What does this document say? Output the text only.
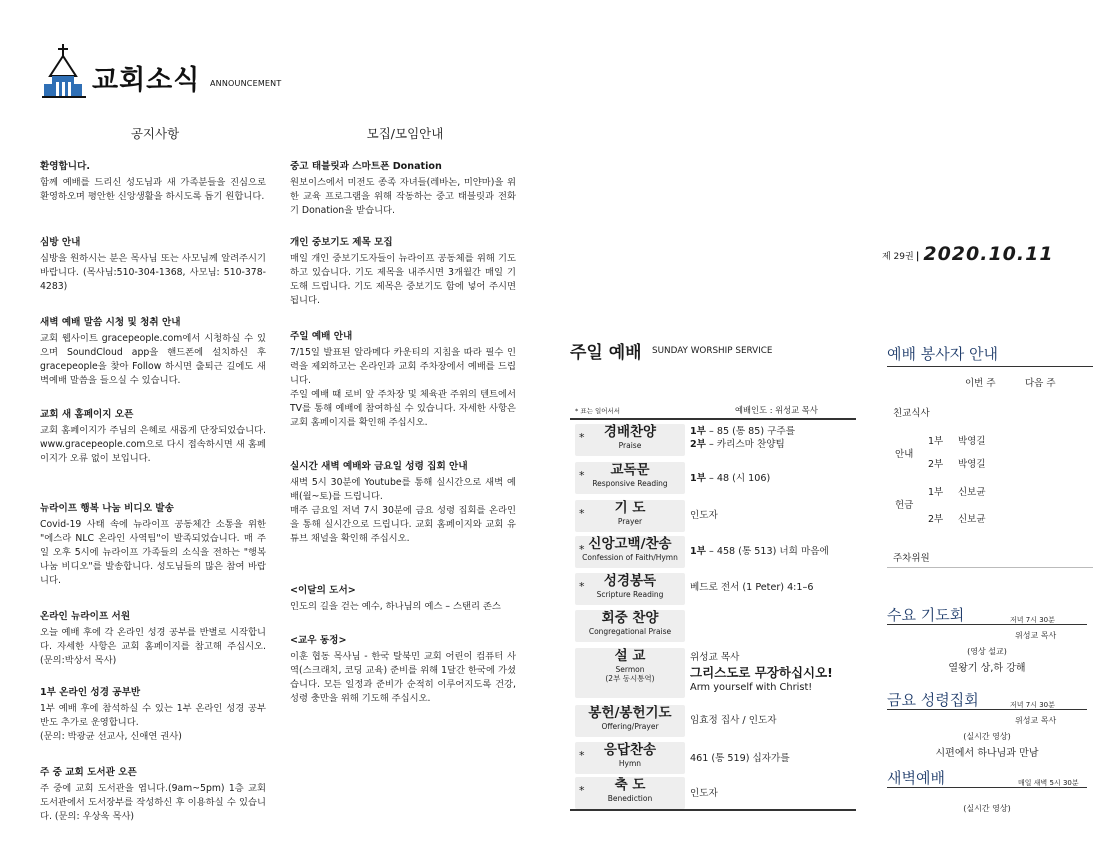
교회소식 ANNOUNCEMENT
공지사항
환영합니다.
함께 예배를 드리신 성도님과 새 가족분들을 진심으로 환영하오며 평안한 신앙생활을 하시도록 돕기 원합니다.
심방 안내
심방을 원하시는 분은 목사님 또는 사모님께 알려주시기 바랍니다. (목사님:510-304-1368, 사모님: 510-378-4283)
새벽 예배 말씀 시청 및 청취 안내
교회 웹사이트 gracepeople.com에서 시청하실 수 있으며 SoundCloud app을 핸드폰에 설치하신 후 gracepeople을 찾아 Follow 하시면 출퇴근 길에도 새벽예배 말씀을 들으실 수 있습니다.
교회 새 홈페이지 오픈
교회 홈페이지가 주님의 은혜로 새롭게 단장되었습니다. www.gracepeople.com으로 다시 접속하시면 새 홈페이지가 오류 없이 보입니다.
뉴라이프 행복 나눔 비디오 발송
Covid-19 사태 속에 뉴라이프 공동체간 소통을 위한 "에스라 NLC 온라인 사역팀"이 발족되었습니다. 매 주일 오후 5시에 뉴라이프 가족들의 소식을 전하는 "행복 나눔 비디오"를 발송합니다. 성도님들의 많은 참여 바랍니다.
온라인 뉴라이프 서원
오늘 예배 후에 각 온라인 성경 공부를 반별로 시작합니다. 자세한 사항은 교회 홈페이지를 참고해 주십시오. (문의:박상서 목사)
1부 온라인 성경 공부반
1부 예배 후에 참석하실 수 있는 1부 온라인 성경 공부반도 추가로 운영합니다.
(문의: 박광균 선교사, 신애연 권사)
주 중 교회 도서관 오픈
주 중에 교회 도서관을 엽니다.(9am~5pm) 1층 교회 도서관에서 도서장부를 작성하신 후 이용하실 수 있습니다. (문의: 우상욱 목사)
모집/모임안내
중고 태블릿과 스마트폰 Donation
원보이스에서 미전도 종족 자녀들(레바논, 미얀마)을 위한 교육 프로그램을 위해 작동하는 중고 태블릿과 전화기 Donation을 받습니다.
개인 중보기도 제목 모집
매일 개인 중보기도자들이 뉴라이프 공동체를 위해 기도하고 있습니다. 기도 제목을 내주시면 3개월간 매일 기도해 드립니다. 기도 제목은 중보기도 함에 넣어 주시면 됩니다.
주일 예배 안내
7/15일 발표된 알라메다 카운티의 지침을 따라 필수 인력을 제외하고는 온라인과 교회 주차장에서 예배를 드립니다.
주일 예배 때 로비 앞 주차장 및 체육관 주위의 텐트에서 TV를 통해 예배에 참여하실 수 있습니다. 자세한 사항은 교회 홈페이지를 확인해 주십시오.
실시간 새벽 예배와 금요일 성령 집회 안내
새벽 5시 30분에 Youtube를 통해 실시간으로 새벽 예배(월~토)를 드립니다.
매주 금요일 저녁 7시 30분에 금요 성령 집회를 온라인을 통해 실시간으로 드립니다. 교회 홈페이지와 교회 유튜브 채널을 확인해 주십시오.
<이달의 도서>
인도의 길을 걷는 예수, 하나님의 예스 – 스탠리 존스
<교우 동정>
이훈 협동 목사님 - 한국 탈북민 교회 어린이 컴퓨터 사역(스크래치, 코딩 교육) 준비를 위해 1달간 한국에 가셨습니다. 모든 일정과 준비가 순적히 이루어지도록 건강, 성령 충만을 위해 기도해 주십시오.
제 29권 | 2020.10.11
주일 예배 SUNDAY WORSHIP SERVICE
* 표는 일어서서	예배인도 : 위성교 목사
*	경배찬양
Praise
1부 – 85 (통 85) 구주를
2부 – 카리스마 찬양팀
*	교독문
Responsive Reading	1부 – 48 (시 106)
*	기 도
Prayer
인도자
* 신앙고백/찬송
Confession of Faith/Hymn
1부 – 458 (통 513) 너희 마음에
*	성경봉독
Scripture Reading
베드로 전서 (1 Peter) 4:1–6
회중 찬양
Congregational Praise
설 교
Sermon
(2부 동시통역)
위성교 목사
그리스도로 무장하십시오!
Arm yourself with Christ!
봉헌/봉헌기도
Offering/Prayer
임효정 집사 / 인도자
*	응답찬송
Hymn	461 (통 519) 십자가를
*	축 도
Benediction	인도자
예배 봉사자 안내
이번 주	다음 주
친교식사
안내
1부 박영길
2부 박영길
헌금
1부 신보균
2부 신보균
주차위원
수요 기도회	저녁 7시 30분
위성교 목사
(영상 설교)
열왕기 상,하 강해
금요 성령집회	저녁 7시 30분
위성교 목사
(실시간 영상)
시편에서 하나님과 만남
새벽예배	매일 새벽 5시 30분
(실시간 영상)
